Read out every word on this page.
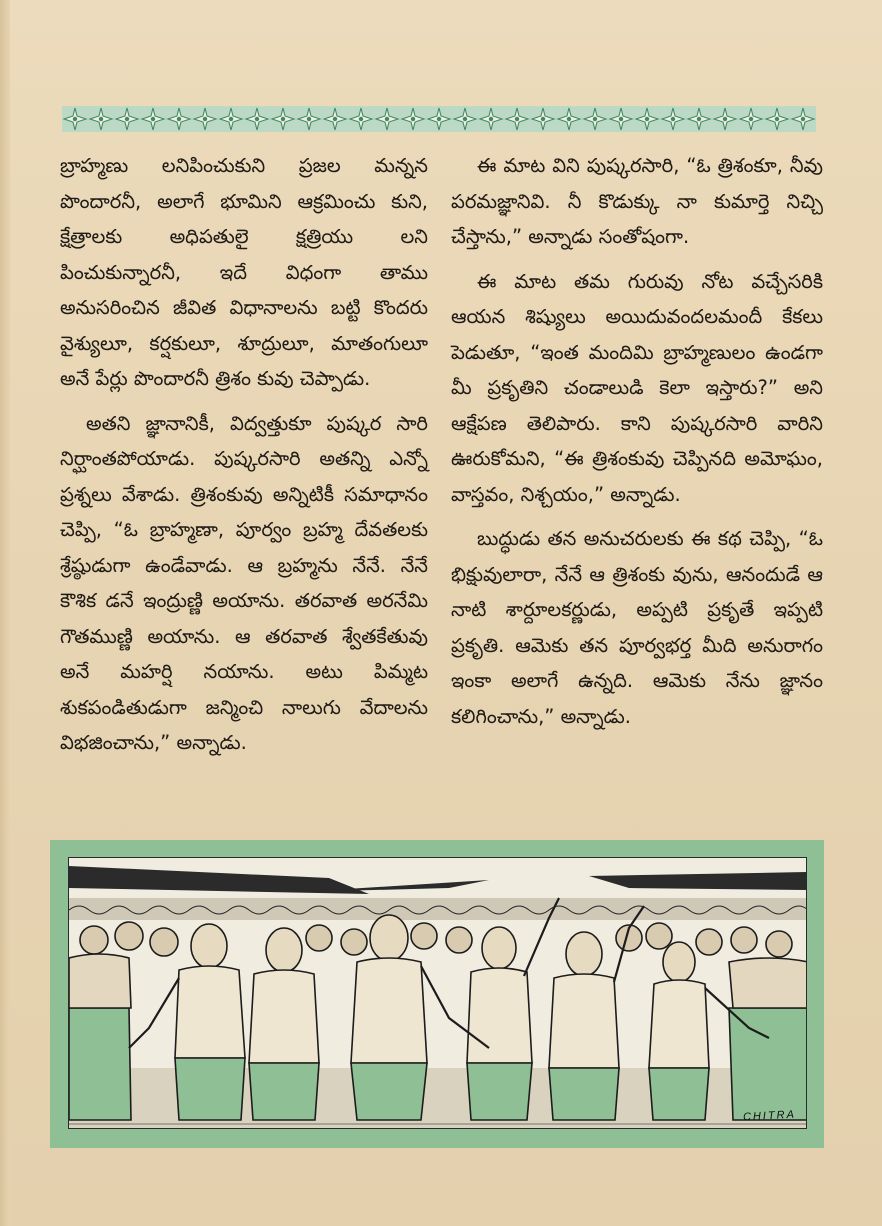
బ్రాహ్మణు లనిపించుకుని ప్రజల మన్నన పొందారనీ, అలాగే భూమిని ఆక్రమించు కుని, క్షేత్రాలకు అధిపతులై క్షత్రియు లని పించుకున్నారనీ, ఇదే విధంగా తాము అనుసరించిన జీవిత విధానాలను బట్టి కొందరు వైశ్యులూ, కర్షకులూ, శూద్రులూ, మాతంగులూ అనే పేర్లు పొందారనీ త్రిశం కువు చెప్పాడు.

అతని జ్ఞానానికీ, విద్వత్తుకూ పుష్కర సారి నిర్ఘాంతపోయాడు. పుష్కరసారి అతన్ని ఎన్నో ప్రశ్నలు వేశాడు. త్రిశంకువు అన్నిటికీ సమాధానం చెప్పి, “ఓ బ్రాహ్మణా, పూర్వం బ్రహ్మ దేవతలకు శ్రేష్ఠుడుగా ఉండేవాడు. ఆ బ్రహ్మను నేనే. నేనే కౌశిక డనే ఇంద్రుణ్ణి అయాను. తరవాత అరనేమి గౌతముణ్ణి అయాను. ఆ తరవాత శ్వేతకేతువు అనే మహర్షి నయాను. అటు పిమ్మట శుకపండితుడుగా జన్మించి నాలుగు వేదాలను విభజించాను,” అన్నాడు.

ఈ మాట విని పుష్కరసారి, “ఓ త్రిశంకూ, నీవు పరమజ్ఞానివి. నీ కొడుక్కు నా కుమార్తె నిచ్చి చేస్తాను,” అన్నాడు సంతోషంగా.

ఈ మాట తమ గురువు నోట వచ్చేసరికి ఆయన శిష్యులు అయిదువందలమందీ కేకలు పెడుతూ, “ఇంత మందిమి బ్రాహ్మణులం ఉండగా మీ ప్రకృతిని చండాలుడి కెలా ఇస్తారు?” అని ఆక్షేపణ తెలిపారు. కాని పుష్కరసారి వారిని ఊరుకోమని, “ఈ త్రిశంకువు చెప్పినది అమోఘం, వాస్తవం, నిశ్చయం,” అన్నాడు.

బుద్ధుడు తన అనుచరులకు ఈ కథ చెప్పి, “ఓ భిక్షువులారా, నేనే ఆ త్రిశంకు వును, ఆనందుడే ఆ నాటి శార్దూలకర్ణుడు, అప్పటి ప్రకృతే ఇప్పటి ప్రకృతి. ఆమెకు తన పూర్వభర్త మీది అనురాగం ఇంకా అలాగే ఉన్నది. ఆమెకు నేను జ్ఞానం కలిగించాను,” అన్నాడు.

CHITRA
